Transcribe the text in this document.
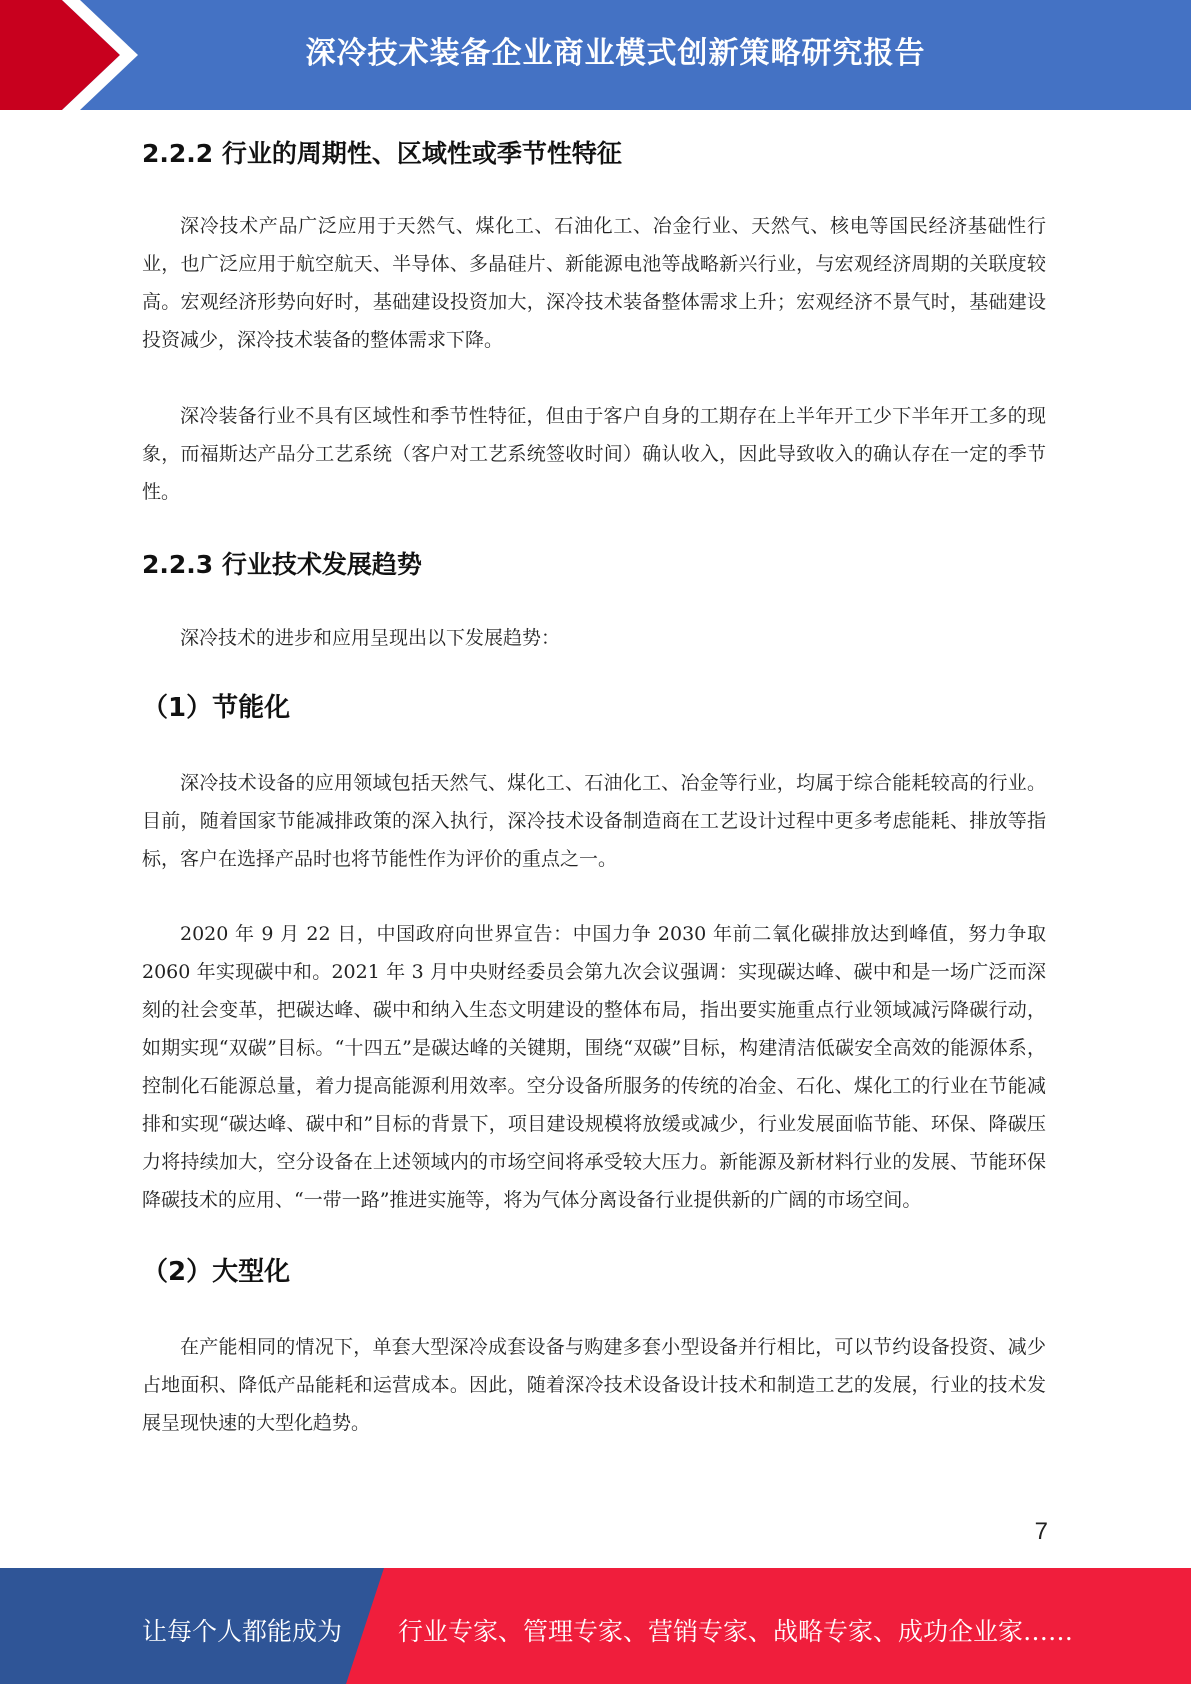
深冷技术装备企业商业模式创新策略研究报告
2.2.2 行业的周期性、区域性或季节性特征

深冷技术产品广泛应用于天然气、煤化工、石油化工、冶金行业、天然气、核电等国民经济基础性行业，也广泛应用于航空航天、半导体、多晶硅片、新能源电池等战略新兴行业，与宏观经济周期的关联度较高。宏观经济形势向好时，基础建设投资加大，深冷技术装备整体需求上升；宏观经济不景气时，基础建设投资减少，深冷技术装备的整体需求下降。

深冷装备行业不具有区域性和季节性特征，但由于客户自身的工期存在上半年开工少下半年开工多的现象，而福斯达产品分工艺系统（客户对工艺系统签收时间）确认收入，因此导致收入的确认存在一定的季节性。

2.2.3 行业技术发展趋势

深冷技术的进步和应用呈现出以下发展趋势：

（1）节能化

深冷技术设备的应用领域包括天然气、煤化工、石油化工、冶金等行业，均属于综合能耗较高的行业。目前，随着国家节能减排政策的深入执行，深冷技术设备制造商在工艺设计过程中更多考虑能耗、排放等指标，客户在选择产品时也将节能性作为评价的重点之一。

2020 年 9 月 22 日，中国政府向世界宣告：中国力争 2030 年前二氧化碳排放达到峰值，努力争取 2060 年实现碳中和。2021 年 3 月中央财经委员会第九次会议强调：实现碳达峰、碳中和是一场广泛而深刻的社会变革，把碳达峰、碳中和纳入生态文明建设的整体布局，指出要实施重点行业领域减污降碳行动，如期实现“双碳”目标。“十四五”是碳达峰的关键期，围绕“双碳”目标，构建清洁低碳安全高效的能源体系，控制化石能源总量，着力提高能源利用效率。空分设备所服务的传统的冶金、石化、煤化工的行业在节能减排和实现“碳达峰、碳中和”目标的背景下，项目建设规模将放缓或减少，行业发展面临节能、环保、降碳压力将持续加大，空分设备在上述领域内的市场空间将承受较大压力。新能源及新材料行业的发展、节能环保降碳技术的应用、“一带一路”推进实施等，将为气体分离设备行业提供新的广阔的市场空间。

（2）大型化

在产能相同的情况下，单套大型深冷成套设备与购建多套小型设备并行相比，可以节约设备投资、减少占地面积、降低产品能耗和运营成本。因此，随着深冷技术设备设计技术和制造工艺的发展，行业的技术发展呈现快速的大型化趋势。

7
让每个人都能成为 行业专家、管理专家、营销专家、战略专家、成功企业家……
